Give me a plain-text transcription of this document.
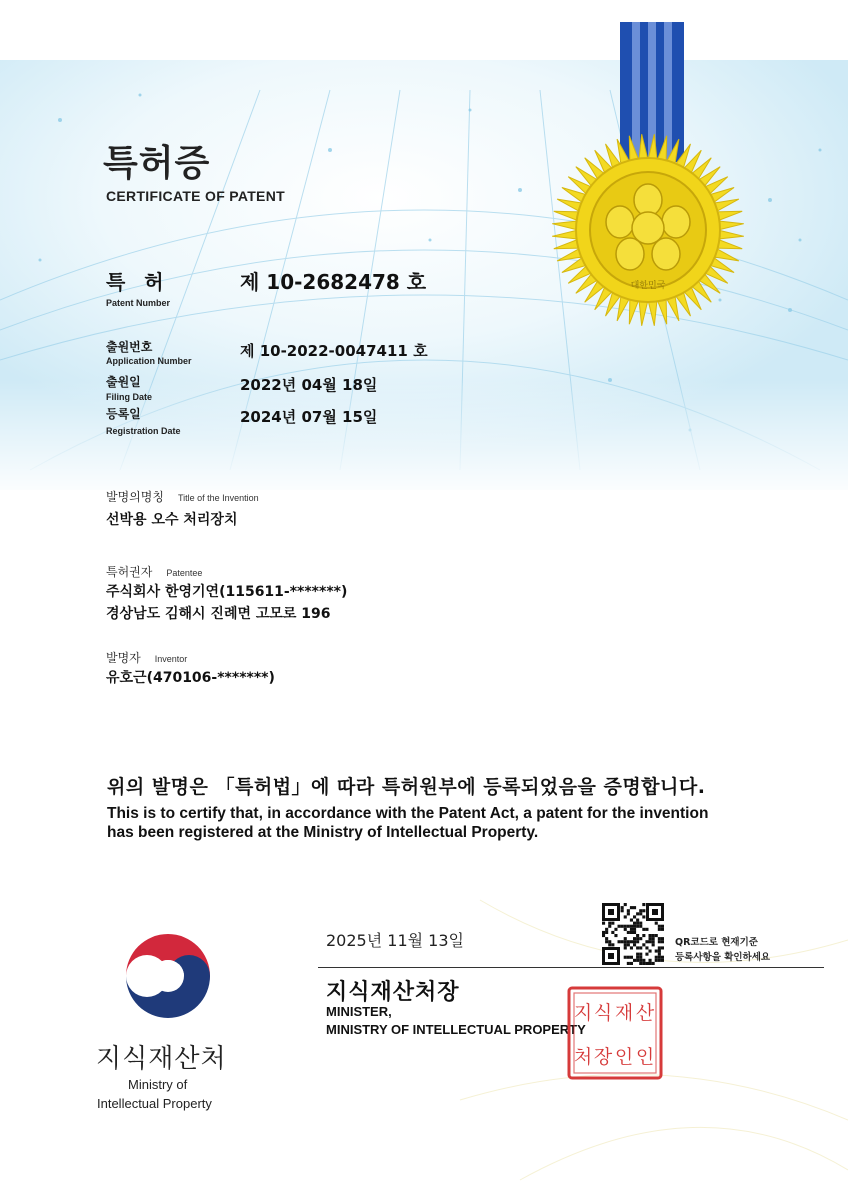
대한민국
특허증
CERTIFICATE OF PATENT
특 허
Patent Number
제 10-2682478 호
출원번호
Application Number
제 10-2022-0047411 호
출원일
Filing Date
2022년 04월 18일
등록일
Registration Date
2024년 07월 15일
발명의명칭 Title of the Invention
선박용 오수 처리장치
특허권자 Patentee
주식회사 한영기연(115611-*******)
경상남도 김해시 진례면 고모로 196
발명자 Inventor
유호근(470106-*******)
위의 발명은 「특허법」에 따라 특허원부에 등록되었음을 증명합니다.
This is to certify that, in accordance with the Patent Act, a patent for the invention
has been registered at the Ministry of Intellectual Property.
2025년 11월 13일	QR코드로 현재기준
등록사항을 확인하세요
지식재산처장
MINISTER,
MINISTRY OF INTELLECTUAL PROPERTY
지 식 재 산
처 장 인 인
지식재산처
Ministry of
Intellectual Property
